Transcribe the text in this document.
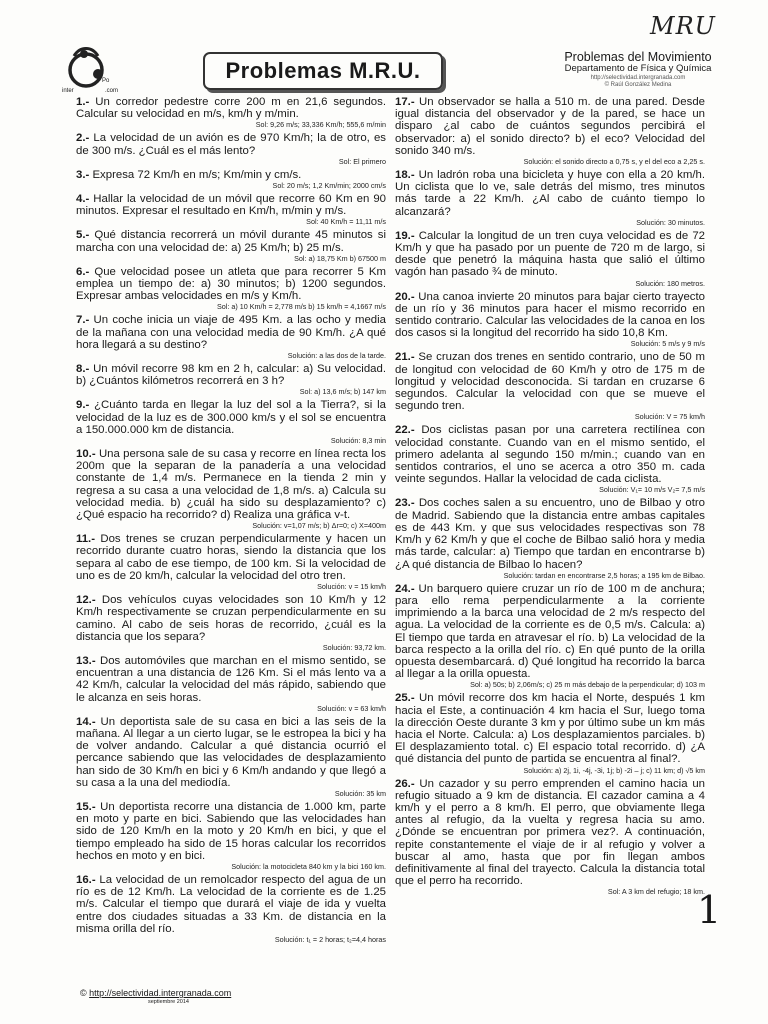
MRU
Po
inter	.com
Problemas M.R.U.
Problemas del Movimiento
Departamento de Física y Química
http://selectividad.intergranada.com
© Raúl González Medina
1.- Un corredor pedestre corre 200 m en 21,6 segundos. Calcular su velocidad en m/s, km/h y m/min.
Sol: 9,26 m/s; 33,336 Km/h; 555,6 m/min
2.- La velocidad de un avión es de 970 Km/h; la de otro, es de 300 m/s. ¿Cuál es el más lento?
Sol: El primero
3.- Expresa 72 Km/h en m/s; Km/min y cm/s.
Sol: 20 m/s; 1,2 Km/min; 2000 cm/s
4.- Hallar la velocidad de un móvil que recorre 60 Km en 90 minutos. Expresar el resultado en Km/h, m/min y m/s.
Sol: 40 Km/h = 11,11 m/s
5.- Qué distancia recorrerá un móvil durante 45 minutos si marcha con una velocidad de: a) 25 Km/h; b) 25 m/s.
Sol: a) 18,75 Km b) 67500 m
6.- Que velocidad posee un atleta que para recorrer 5 Km emplea un tiempo de: a) 30 minutos; b) 1200 segundos. Expresar ambas velocidades en m/s y Km/h.
Sol: a) 10 Km/h = 2,778 m/s b) 15 km/h = 4,1667 m/s
7.- Un coche inicia un viaje de 495 Km. a las ocho y media de la mañana con una velocidad media de 90 Km/h. ¿A qué hora llegará a su destino?
Solución: a las dos de la tarde.
8.- Un móvil recorre 98 km en 2 h, calcular: a) Su velocidad. b) ¿Cuántos kilómetros recorrerá en 3 h?
Sol: a) 13,6 m/s; b) 147 km
9.- ¿Cuánto tarda en llegar la luz del sol a la Tierra?, si la velocidad de la luz es de 300.000 km/s y el sol se encuentra a 150.000.000 km de distancia.
Solución: 8,3 min
10.- Una persona sale de su casa y recorre en línea recta los 200m que la separan de la panadería a una velocidad constante de 1,4 m/s. Permanece en la tienda 2 min y regresa a su casa a una velocidad de 1,8 m/s. a) Calcula su velocidad media. b) ¿cuál ha sido su desplazamiento? c)¿Qué espacio ha recorrido? d) Realiza una gráfica v-t.
Solución: v=1,07 m/s; b) Δr=0; c) X=400m
11.- Dos trenes se cruzan perpendicularmente y hacen un recorrido durante cuatro horas, siendo la distancia que los separa al cabo de ese tiempo, de 100 km. Si la velocidad de uno es de 20 km/h, calcular la velocidad del otro tren.
Solución: v = 15 km/h
12.- Dos vehículos cuyas velocidades son 10 Km/h y 12 Km/h respectivamente se cruzan perpendicularmente en su camino. Al cabo de seis horas de recorrido, ¿cuál es la distancia que los separa?
Solución: 93,72 km.
13.- Dos automóviles que marchan en el mismo sentido, se encuentran a una distancia de 126 Km. Si el más lento va a 42 Km/h, calcular la velocidad del más rápido, sabiendo que le alcanza en seis horas.
Solución: v = 63 km/h
14.- Un deportista sale de su casa en bici a las seis de la mañana. Al llegar a un cierto lugar, se le estropea la bici y ha de volver andando. Calcular a qué distancia ocurrió el percance sabiendo que las velocidades de desplazamiento han sido de 30 Km/h en bici y 6 Km/h andando y que llegó a su casa a la una del mediodía.
Solución: 35 km
15.- Un deportista recorre una distancia de 1.000 km, parte en moto y parte en bici. Sabiendo que las velocidades han sido de 120 Km/h en la moto y 20 Km/h en bici, y que el tiempo empleado ha sido de 15 horas calcular los recorridos hechos en moto y en bici.
Solución: la motocicleta 840 km y la bici 160 km.
16.- La velocidad de un remolcador respecto del agua de un río es de 12 Km/h. La velocidad de la corriente es de 1.25 m/s. Calcular el tiempo que durará el viaje de ida y vuelta entre dos ciudades situadas a 33 Km. de distancia en la misma orilla del río.
Solución: t₁ = 2 horas; t₂=4,4 horas
17.- Un observador se halla a 510 m. de una pared. Desde igual distancia del observador y de la pared, se hace un disparo ¿al cabo de cuántos segundos percibirá el observador: a) el sonido directo? b) el eco? Velocidad del sonido 340 m/s.
Solución: el sonido directo a 0,75 s, y el del eco a 2,25 s.
18.- Un ladrón roba una bicicleta y huye con ella a 20 km/h. Un ciclista que lo ve, sale detrás del mismo, tres minutos más tarde a 22 Km/h. ¿Al cabo de cuánto tiempo lo alcanzará?
Solución: 30 minutos.
19.- Calcular la longitud de un tren cuya velocidad es de 72 Km/h y que ha pasado por un puente de 720 m de largo, si desde que penetró la máquina hasta que salió el último vagón han pasado ¾ de minuto.
Solución: 180 metros.
20.- Una canoa invierte 20 minutos para bajar cierto trayecto de un río y 36 minutos para hacer el mismo recorrido en sentido contrario. Calcular las velocidades de la canoa en los dos casos si la longitud del recorrido ha sido 10,8 Km.
Solución: 5 m/s y 9 m/s
21.- Se cruzan dos trenes en sentido contrario, uno de 50 m de longitud con velocidad de 60 Km/h y otro de 175 m de longitud y velocidad desconocida. Si tardan en cruzarse 6 segundos. Calcular la velocidad con que se mueve el segundo tren.
Solución: V = 75 km/h
22.- Dos ciclistas pasan por una carretera rectilínea con velocidad constante. Cuando van en el mismo sentido, el primero adelanta al segundo 150 m/min.; cuando van en sentidos contrarios, el uno se acerca a otro 350 m. cada veinte segundos. Hallar la velocidad de cada ciclista.
Solución: V₁= 10 m/s V₂= 7,5 m/s
23.- Dos coches salen a su encuentro, uno de Bilbao y otro de Madrid. Sabiendo que la distancia entre ambas capitales es de 443 Km. y que sus velocidades respectivas son 78 Km/h y 62 Km/h y que el coche de Bilbao salió hora y media más tarde, calcular: a) Tiempo que tardan en encontrarse b) ¿A qué distancia de Bilbao lo hacen?
Solución: tardan en encontrarse 2,5 horas; a 195 km de Bilbao.
24.- Un barquero quiere cruzar un río de 100 m de anchura; para ello rema perpendicularmente a la corriente imprimiendo a la barca una velocidad de 2 m/s respecto del agua. La velocidad de la corriente es de 0,5 m/s. Calcula: a) El tiempo que tarda en atravesar el río. b) La velocidad de la barca respecto a la orilla del río. c) En qué punto de la orilla opuesta desembarcará. d) Qué longitud ha recorrido la barca al llegar a la orilla opuesta.
Sol: a) 50s; b) 2,06m/s; c) 25 m más debajo de la perpendicular; d) 103 m
25.- Un móvil recorre dos km hacia el Norte, después 1 km hacia el Este, a continuación 4 km hacia el Sur, luego toma la dirección Oeste durante 3 km y por último sube un km más hacia el Norte. Calcula: a) Los desplazamientos parciales. b) El desplazamiento total. c) El espacio total recorrido. d) ¿A qué distancia del punto de partida se encuentra al final?.
Solución: a) 2j, 1i, -4j, -3i, 1j; b) -2i – j; c) 11 km; d) √5 km
26.- Un cazador y su perro emprenden el camino hacia un refugio situado a 9 km de distancia. El cazador camina a 4 km/h y el perro a 8 km/h. El perro, que obviamente llega antes al refugio, da la vuelta y regresa hacia su amo. ¿Dónde se encuentran por primera vez?. A continuación, repite constantemente el viaje de ir al refugio y volver a buscar al amo, hasta que por fin llegan ambos definitivamente al final del trayecto. Calcula la distancia total que el perro ha recorrido.
Sol: A 3 km del refugio; 18 km.
© http://selectividad.intergranada.com
septiembre 2014
1
